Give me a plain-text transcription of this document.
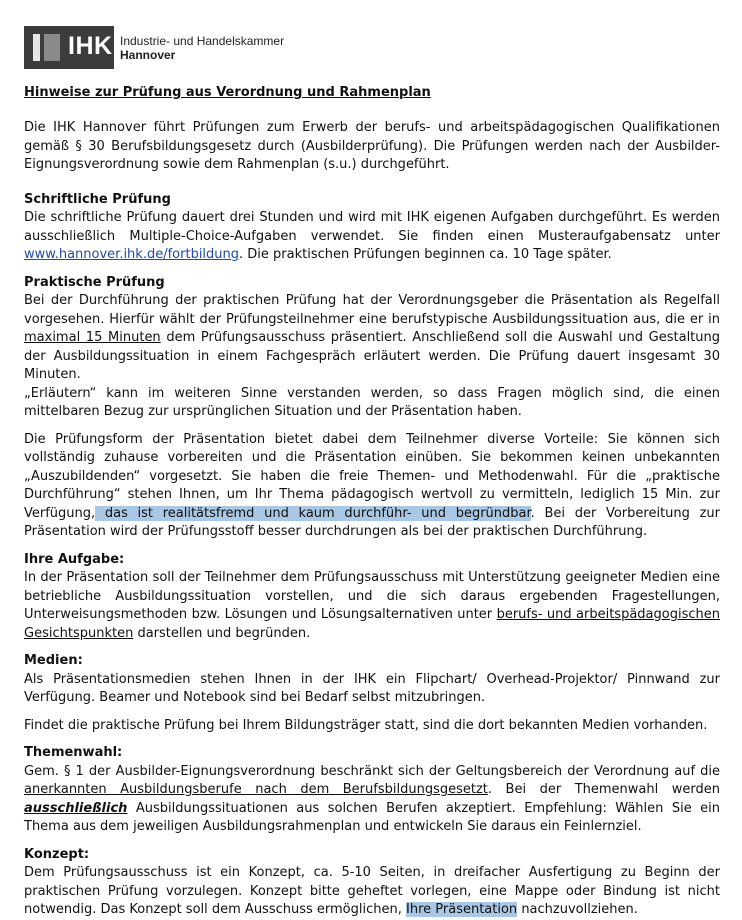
IHK Industrie- und Handelskammer
Hannover
Hinweise zur Prüfung aus Verordnung und Rahmenplan

Die IHK Hannover führt Prüfungen zum Erwerb der berufs- und arbeitspädagogischen Qualifikationen gemäß § 30 Berufsbildungsgesetz durch (Ausbilderprüfung). Die Prüfungen werden nach der Ausbilder-Eignungsverordnung sowie dem Rahmenplan (s.u.) durchgeführt.

Schriftliche Prüfung

Die schriftliche Prüfung dauert drei Stunden und wird mit IHK eigenen Aufgaben durchgeführt. Es werden ausschließlich Multiple-Choice-Aufgaben verwendet. Sie finden einen Musteraufgabensatz unter www.hannover.ihk.de/fortbildung. Die praktischen Prüfungen beginnen ca. 10 Tage später.

Praktische Prüfung

Bei der Durchführung der praktischen Prüfung hat der Verordnungsgeber die Präsentation als Regelfall vorgesehen. Hierfür wählt der Prüfungsteilnehmer eine berufstypische Ausbildungssituation aus, die er in maximal 15 Minuten dem Prüfungsausschuss präsentiert. Anschließend soll die Auswahl und Gestaltung der Ausbildungssituation in einem Fachgespräch erläutert werden. Die Prüfung dauert insgesamt 30 Minuten.

„Erläutern“ kann im weiteren Sinne verstanden werden, so dass Fragen möglich sind, die einen mittelbaren Bezug zur ursprünglichen Situation und der Präsentation haben.

Die Prüfungsform der Präsentation bietet dabei dem Teilnehmer diverse Vorteile: Sie können sich vollständig zuhause vorbereiten und die Präsentation einüben. Sie bekommen keinen unbekannten „Auszubildenden“ vorgesetzt. Sie haben die freie Themen- und Methodenwahl. Für die „praktische Durchführung“ stehen Ihnen, um Ihr Thema pädagogisch wertvoll zu vermitteln, lediglich 15 Min. zur Verfügung, das ist realitätsfremd und kaum durchführ- und begründbar. Bei der Vorbereitung zur Präsentation wird der Prüfungsstoff besser durchdrungen als bei der praktischen Durchführung.

Ihre Aufgabe:

In der Präsentation soll der Teilnehmer dem Prüfungsausschuss mit Unterstützung geeigneter Medien eine betriebliche Ausbildungssituation vorstellen, und die sich daraus ergebenden Fragestellungen, Unterweisungsmethoden bzw. Lösungen und Lösungsalternativen unter berufs- und arbeitspädagogischen Gesichtspunkten darstellen und begründen.

Medien:

Als Präsentationsmedien stehen Ihnen in der IHK ein Flipchart/ Overhead-Projektor/ Pinnwand zur Verfügung. Beamer und Notebook sind bei Bedarf selbst mitzubringen.

Findet die praktische Prüfung bei Ihrem Bildungsträger statt, sind die dort bekannten Medien vorhanden.

Themenwahl:

Gem. § 1 der Ausbilder-Eignungsverordnung beschränkt sich der Geltungsbereich der Verordnung auf die anerkannten Ausbildungsberufe nach dem Berufsbildungsgesetzt. Bei der Themenwahl werden ausschließlich Ausbildungssituationen aus solchen Berufen akzeptiert. Empfehlung: Wählen Sie ein Thema aus dem jeweiligen Ausbildungsrahmenplan und entwickeln Sie daraus ein Feinlernziel.

Konzept:

Dem Prüfungsausschuss ist ein Konzept, ca. 5-10 Seiten, in dreifacher Ausfertigung zu Beginn der praktischen Prüfung vorzulegen. Konzept bitte geheftet vorlegen, eine Mappe oder Bindung ist nicht notwendig. Das Konzept soll dem Ausschuss ermöglichen, Ihre Präsentation nachzuvollziehen.
